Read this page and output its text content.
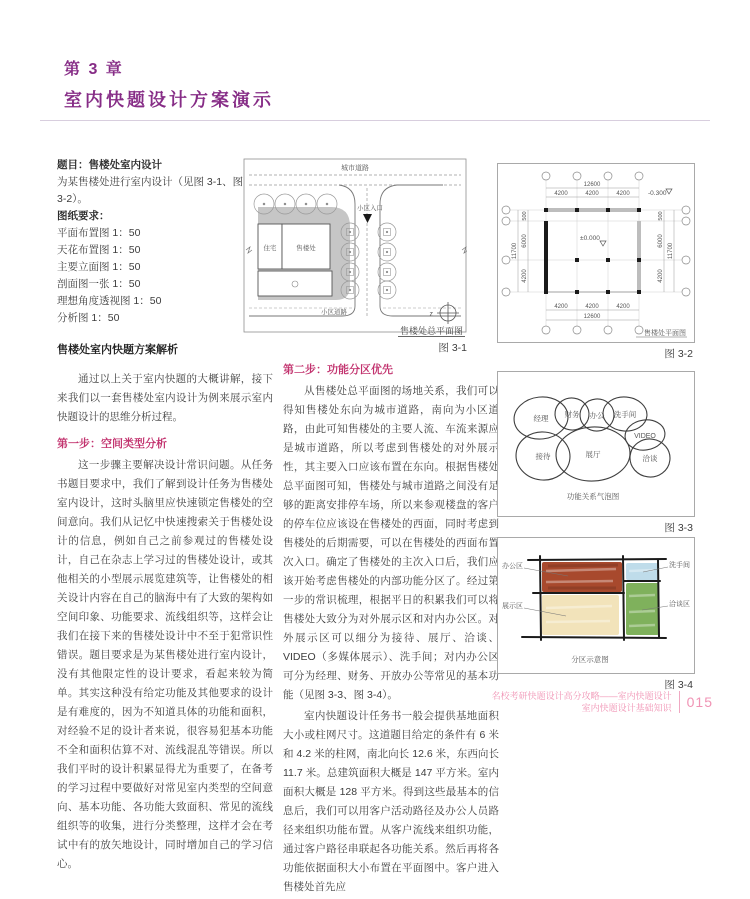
第 3 章
室内快题设计方案演示
题目：售楼处室内设计
为某售楼处进行室内设计（见图 3-1、图 3-2）。
图纸要求：
平面布置图 1：50
天花布置图 1：50
主要立面图 1：50
剖面图一张 1：50
理想角度透视图 1：50
分析图 1：50
城市道路
小区入口
住宅	售楼处
小区道路	z
售楼处总平面图
图 3-1
12600
4200	4200	4200
4200	4200	4200
12600
11700
500
6000
4200
500
6000
4200
11700
±0.000
-0.300
售楼处平面图
图 3-2
售楼处室内快题方案解析

通过以上关于室内快题的大概讲解，接下来我们以一套售楼处室内设计为例来展示室内快题设计的思维分析过程。

第一步：空间类型分析

这一步骤主要解决设计常识问题。从任务书题目要求中，我们了解到设计任务为售楼处室内设计，这时头脑里应快速锁定售楼处的空间意向。我们从记忆中快速搜索关于售楼处设计的信息，例如自己之前参观过的售楼处设计，自己在杂志上学习过的售楼处设计，或其他相关的小型展示展览建筑等，让售楼处的相关设计内容在自己的脑海中有了大致的架构如空间印象、功能要求、流线组织等，这样会让我们在接下来的售楼处设计中不至于犯常识性错误。题目要求是为某售楼处进行室内设计，没有其他限定性的设计要求，看起来较为简单。其实这种没有给定功能及其他要求的设计是有难度的，因为不知道具体的功能和面积，对经验不足的设计者来说，很容易犯基本功能不全和面积估算不对、流线混乱等错误。所以我们平时的设计积累显得尤为重要了，在备考的学习过程中要做好对常见室内类型的空间意向、基本功能、各功能大致面积、常见的流线组织等的收集，进行分类整理，这样才会在考试中有的放矢地设计，同时增加自己的学习信心。

第二步：功能分区优先

从售楼处总平面图的场地关系，我们可以得知售楼处东向为城市道路，南向为小区道路，由此可知售楼处的主要人流、车流来源应是城市道路，所以考虑到售楼处的对外展示性，其主要入口应该布置在东向。根据售楼处总平面图可知，售楼处与城市道路之间没有足够的距离安排停车场，所以来参观楼盘的客户的停车位应该设在售楼处的西面，同时考虑到售楼处的后期需要，可以在售楼处的西面布置次入口。确定了售楼处的主次入口后，我们应该开始考虑售楼处的内部功能分区了。经过第一步的常识梳理，根据平日的积累我们可以将售楼处大致分为对外展示区和对内办公区。对外展示区可以细分为接待、展厅、洽谈、VIDEO（多媒体展示）、洗手间；对内办公区可分为经理、财务、开放办公等常见的基本功能（见图 3-3、图 3-4）。

室内快题设计任务书一般会提供基地面积大小或柱网尺寸。这道题目给定的条件有 6 米和 4.2 米的柱网，南北向长 12.6 米，东西向长 11.7 米。总建筑面积大概是 147 平方米。室内面积大概是 128 平方米。得到这些最基本的信息后，我们可以用客户活动路径及办公人员路径来组织功能布置。从客户流线来组织功能，通过客户路径串联起各功能关系。然后再将各功能依据面积大小布置在平面图中。客户进入售楼处首先应

经理 财务 办公 洗手间
VIDEO
接待	展厅	洽谈
功能关系气泡图
图 3-3
办公区
展示区
洗手间
洽谈区
分区示意图
图 3-4
名校考研快题设计高分攻略——室内快题设计
室内快题设计基础知识 015
